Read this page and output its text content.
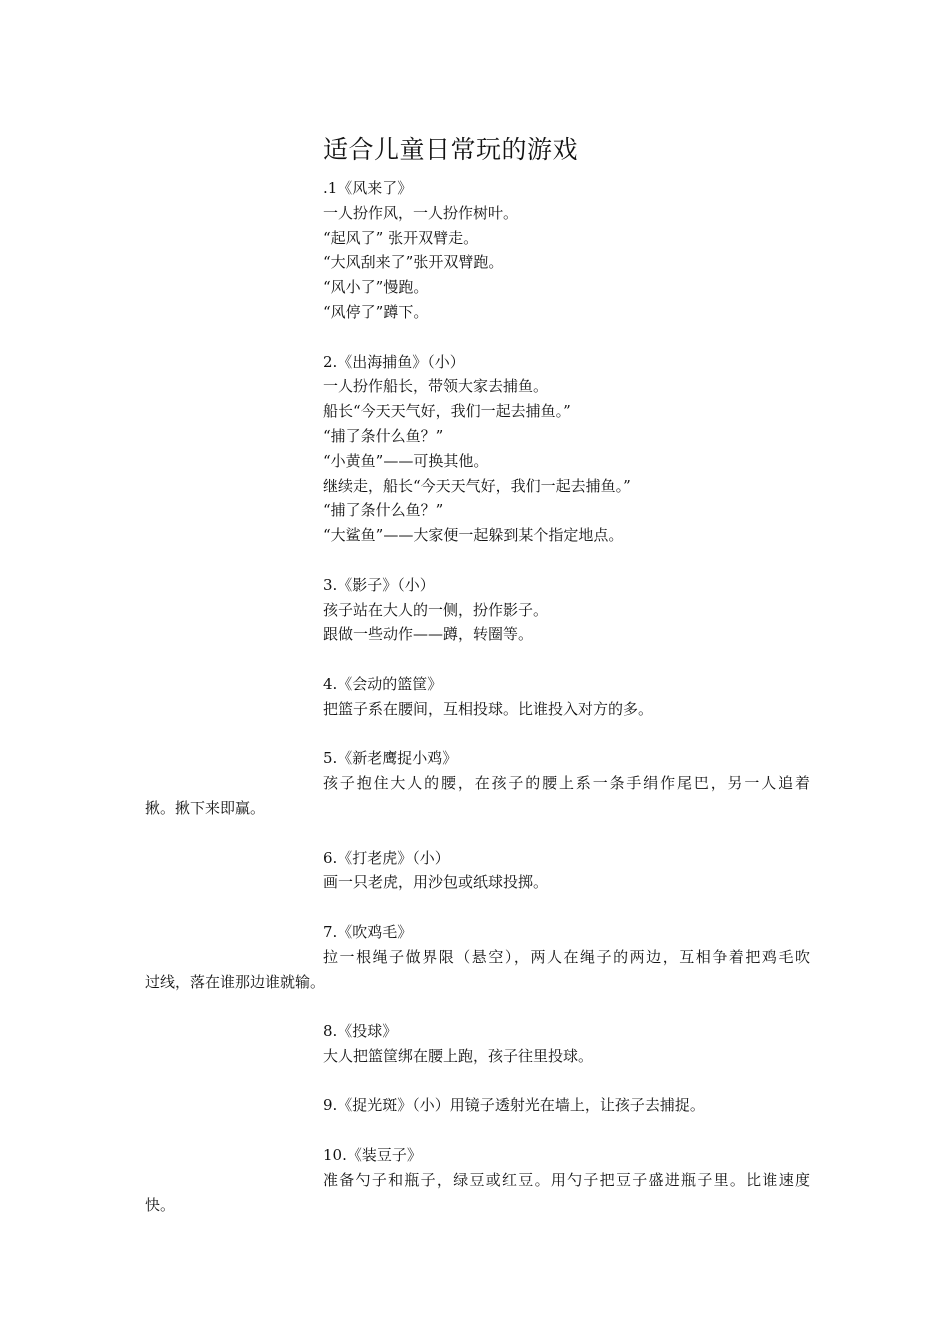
适合儿童日常玩的游戏
.1《风来了》
一人扮作风，一人扮作树叶。
“起风了” 张开双臂走。
“大风刮来了”张开双臂跑。
“风小了”慢跑。
“风停了”蹲下。
2.《出海捕鱼》（小）
一人扮作船长，带领大家去捕鱼。
船长“今天天气好，我们一起去捕鱼。”
“捕了条什么鱼？”
“小黄鱼”——可换其他。
继续走，船长“今天天气好，我们一起去捕鱼。”
“捕了条什么鱼？”
“大鲨鱼”——大家便一起躲到某个指定地点。
3.《影子》（小）
孩子站在大人的一侧，扮作影子。
跟做一些动作——蹲，转圈等。
4.《会动的篮筐》
把篮子系在腰间，互相投球。比谁投入对方的多。
5.《新老鹰捉小鸡》
孩子抱住大人的腰，在孩子的腰上系一条手绢作尾巴，另一人追着
揪。揪下来即赢。
6.《打老虎》（小）
画一只老虎，用沙包或纸球投掷。
7.《吹鸡毛》
拉一根绳子做界限（悬空），两人在绳子的两边，互相争着把鸡毛吹
过线，落在谁那边谁就输。
8.《投球》
大人把篮筐绑在腰上跑，孩子往里投球。
9.《捉光斑》（小）用镜子透射光在墙上，让孩子去捕捉。
10.《装豆子》
准备勺子和瓶子，绿豆或红豆。用勺子把豆子盛进瓶子里。比谁速度
快。
